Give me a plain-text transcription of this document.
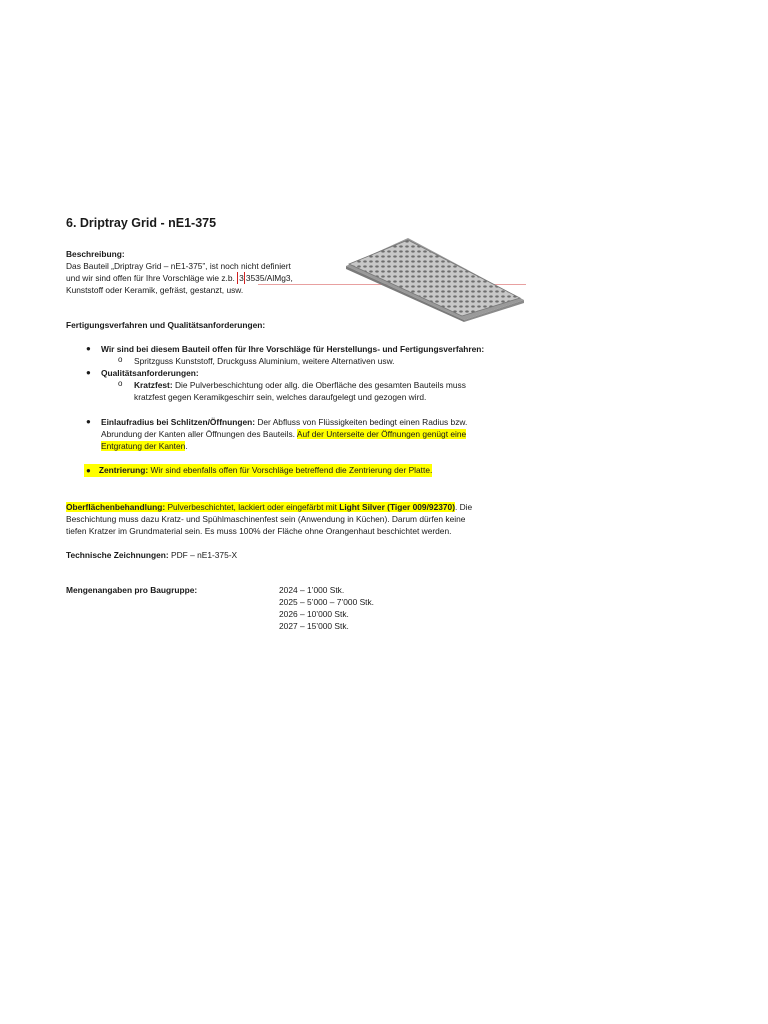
6. Driptray Grid - nE1-375
Beschreibung:
Das Bauteil „Driptray Grid – nE1-375”, ist noch nicht definiert
und wir sind offen für Ihre Vorschläge wie z.b. 3 3535/AlMg3,
Kunststoff oder Keramik, gefräst, gestanzt, usw.
Fertigungsverfahren und Qualitätsanforderungen:
● Wir sind bei diesem Bauteil offen für Ihre Vorschläge für Herstellungs- und Fertigungsverfahren:
o Spritzguss Kunststoff, Druckguss Aluminium, weitere Alternativen usw.
● Qualitätsanforderungen:
o Kratzfest: Die Pulverbeschichtung oder allg. die Oberfläche des gesamten Bauteils muss
kratzfest gegen Keramikgeschirr sein, welches daraufgelegt und gezogen wird.
● Einlaufradius bei Schlitzen/Öffnungen: Der Abfluss von Flüssigkeiten bedingt einen Radius bzw.
Abrundung der Kanten aller Öffnungen des Bauteils. Auf der Unterseite der Öffnungen genügt eine
Entgratung der Kanten.
● Zentrierung: Wir sind ebenfalls offen für Vorschläge betreffend die Zentrierung der Platte.
Oberflächenbehandlung: Pulverbeschichtet, lackiert oder eingefärbt mit Light Silver (Tiger 009/92370). Die
Beschichtung muss dazu Kratz- und Spühlmaschinenfest sein (Anwendung in Küchen). Darum dürfen keine
tiefen Kratzer im Grundmaterial sein. Es muss 100% der Fläche ohne Orangenhaut beschichtet werden.
Technische Zeichnungen: PDF – nE1-375-X
Mengenangaben pro Baugruppe:	2024 – 1’000 Stk.
2025 – 5’000 – 7’000 Stk.
2026 – 10’000 Stk.
2027 – 15’000 Stk.
